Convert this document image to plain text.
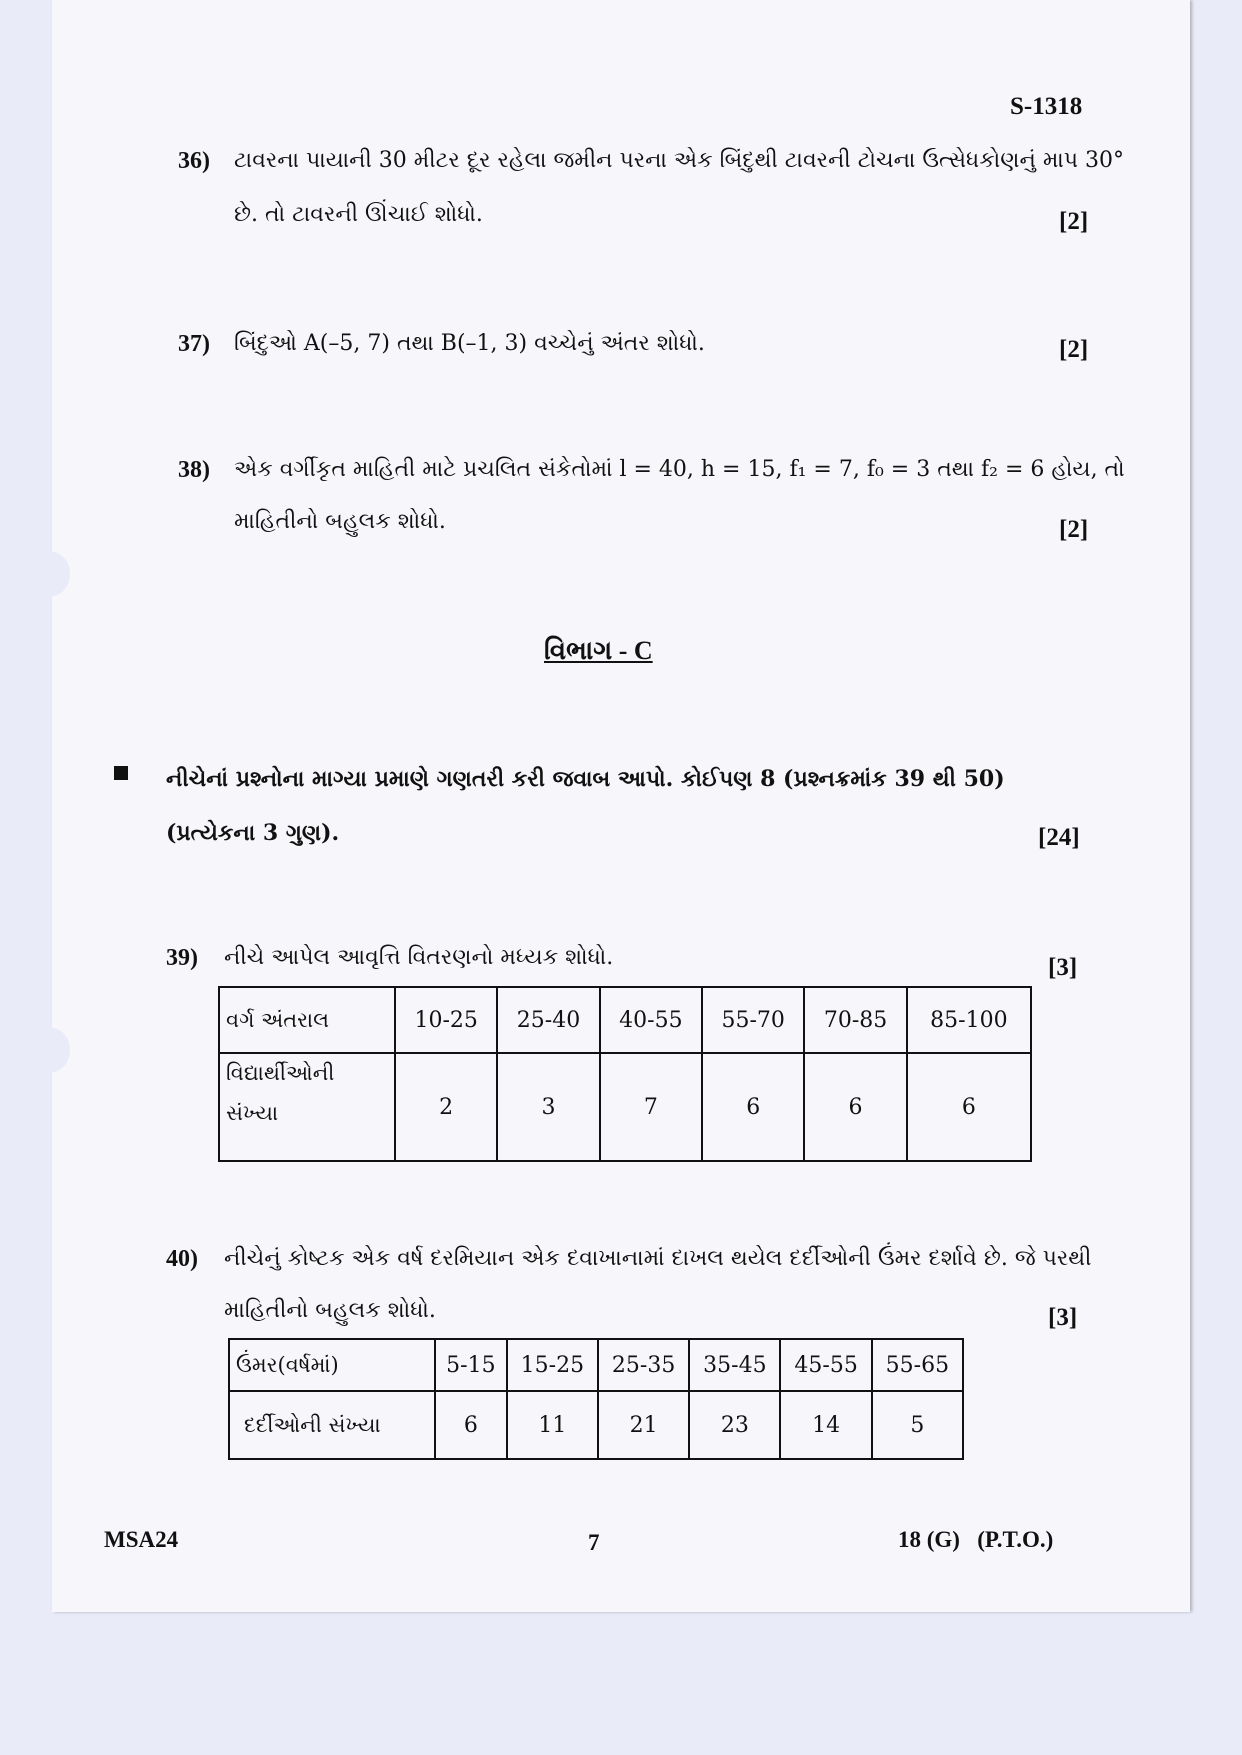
S-1318
36) ટાવરના પાયાની 30 મીટર દૂર રહેલા જમીન પરના એક બિંદુથી ટાવરની ટોચના ઉત્સેધકોણનું માપ 30°
છે. તો ટાવરની ઊંચાઈ શોધો.	[2]
37) બિંદુઓ A(–5, 7) તથા B(–1, 3) વચ્ચેનું અંતર શોધો.	[2]
38) એક વર્ગીકૃત માહિતી માટે પ્રચલિત સંકેતોમાં l = 40, h = 15, f₁ = 7, f₀ = 3 તથા f₂ = 6 હોય, તો
માહિતીનો બહુલક શોધો.	[2]
વિભાગ - C
નીચેનાં પ્રશ્નોના માગ્યા પ્રમાણે ગણતરી કરી જવાબ આપો. કોઈપણ 8 (પ્રશ્નક્રમાંક 39 થી 50)
(પ્રત્યેકના 3 ગુણ).	[24]
39) નીચે આપેલ આવૃત્તિ વિતરણનો મધ્યક શોધો.	[3]
વર્ગ અંતરાલ	10-25	25-40	40-55	55-70	70-85	85-100
વિદ્યાર્થીઓની
સંખ્યા	2	3	7	6	6	6
40) નીચેનું કોષ્ટક એક વર્ષ દરમિયાન એક દવાખાનામાં દાખલ થયેલ દર્દીઓની ઉંમર દર્શાવે છે. જે પરથી
માહિતીનો બહુલક શોધો.	[3]
ઉંમર(વર્ષમાં)	5-15	15-25	25-35	35-45	45-55	55-65
દર્દીઓની સંખ્યા	6	11	21	23	14	5
MSA24	7	18 (G)   (P.T.O.)
